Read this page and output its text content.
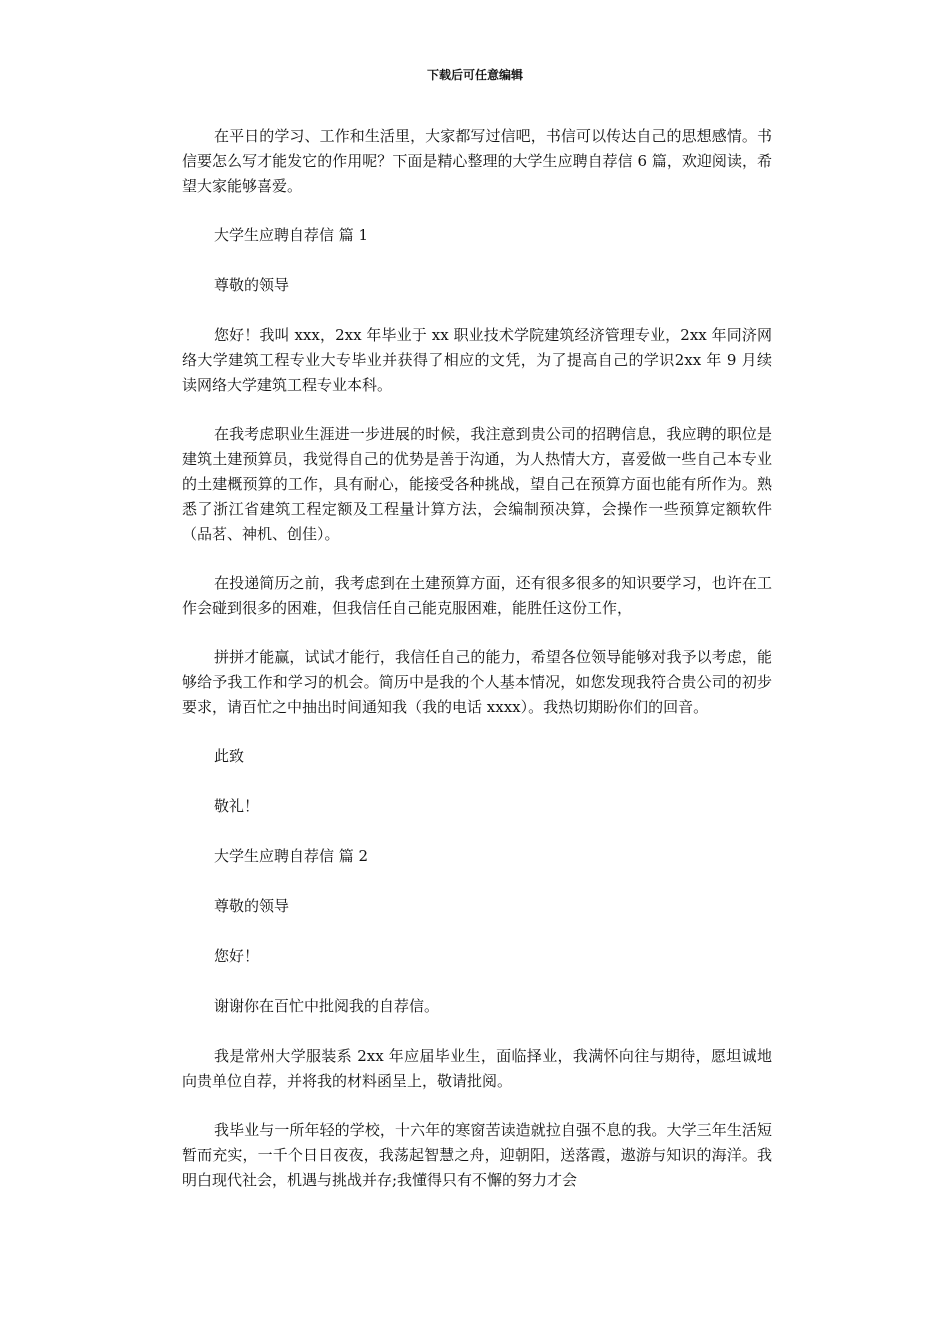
下载后可任意编辑

在平日的学习、工作和生活里，大家都写过信吧，书信可以传达自己的思想感情。书信要怎么写才能发它的作用呢？下面是精心整理的大学生应聘自荐信 6 篇，欢迎阅读，希望大家能够喜爱。

大学生应聘自荐信 篇 1

尊敬的领导

您好！我叫 xxx，2xx 年毕业于 xx 职业技术学院建筑经济管理专业，2xx 年同济网络大学建筑工程专业大专毕业并获得了相应的文凭，为了提高自己的学识2xx 年 9 月续读网络大学建筑工程专业本科。

在我考虑职业生涯进一步进展的时候，我注意到贵公司的招聘信息，我应聘的职位是建筑土建预算员，我觉得自己的优势是善于沟通，为人热情大方，喜爱做一些自己本专业的土建概预算的工作，具有耐心，能接受各种挑战，望自己在预算方面也能有所作为。熟悉了浙江省建筑工程定额及工程量计算方法，会编制预决算，会操作一些预算定额软件（品茗、神机、创佳）。

在投递简历之前，我考虑到在土建预算方面，还有很多很多的知识要学习，也许在工作会碰到很多的困难，但我信任自己能克服困难，能胜任这份工作，

拼拼才能赢，试试才能行，我信任自己的能力，希望各位领导能够对我予以考虑，能够给予我工作和学习的机会。简历中是我的个人基本情况，如您发现我符合贵公司的初步要求，请百忙之中抽出时间通知我（我的电话 xxxx）。我热切期盼你们的回音。

此致

敬礼！

大学生应聘自荐信 篇 2

尊敬的领导

您好！

谢谢你在百忙中批阅我的自荐信。

我是常州大学服装系 2xx 年应届毕业生，面临择业，我满怀向往与期待，愿坦诚地向贵单位自荐，并将我的材料函呈上，敬请批阅。

我毕业与一所年轻的学校，十六年的寒窗苦读造就拉自强不息的我。大学三年生活短暂而充实，一千个日日夜夜，我荡起智慧之舟，迎朝阳，送落霞，遨游与知识的海洋。我明白现代社会，机遇与挑战并存;我懂得只有不懈的努力才会
